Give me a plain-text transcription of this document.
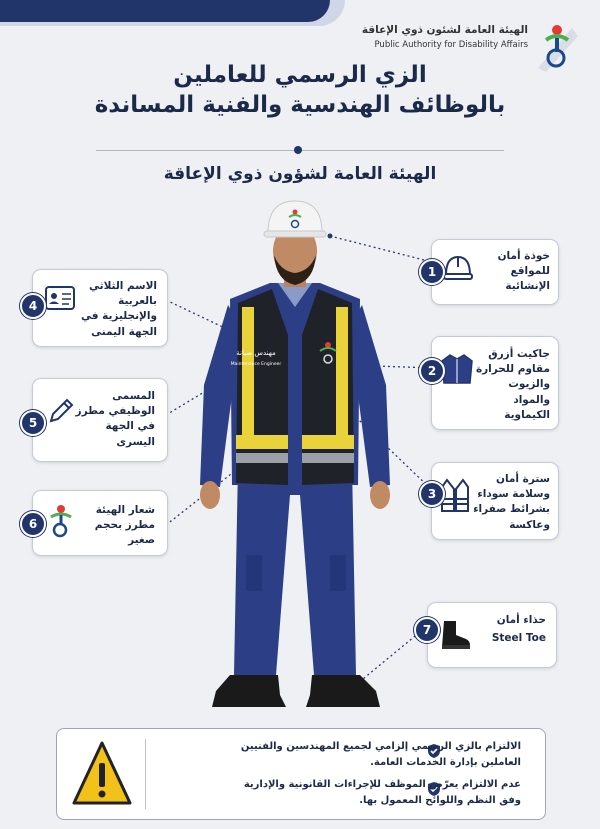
الهيئة العامة لشئون ذوي الإعاقة
Public Authority for Disability Affairs
الزي الرسمي للعاملين
بالوظائف الهندسية والفنية المساندة
الهيئة العامة لشؤون ذوي الإعاقة
مهندس صيانة
Maintenance Engineer
خوذة أمان للمواقع الإنشائية
1
جاكيت أزرق مقاوم للحرارة والزيوت والمواد الكيماوية
2
سترة أمان وسلامة سوداء بشرائط صفراء وعاكسة
3
حذاء أمان
Steel Toe
7
الاسم الثلاثي بالعربية والإنجليزية في الجهة اليمنى
4
المسمى الوظيفي مطرز في الجهة اليسرى
5
شعار الهيئة مطرز بحجم صغير
6
الالتزام بالزي الرسمي إلزامي لجميع المهندسين والفنيين العاملين بإدارة الخدمات العامة.
عدم الالتزام يعرّض الموظف للإجراءات القانونية والإدارية وفق النظم واللوائح المعمول بها.
